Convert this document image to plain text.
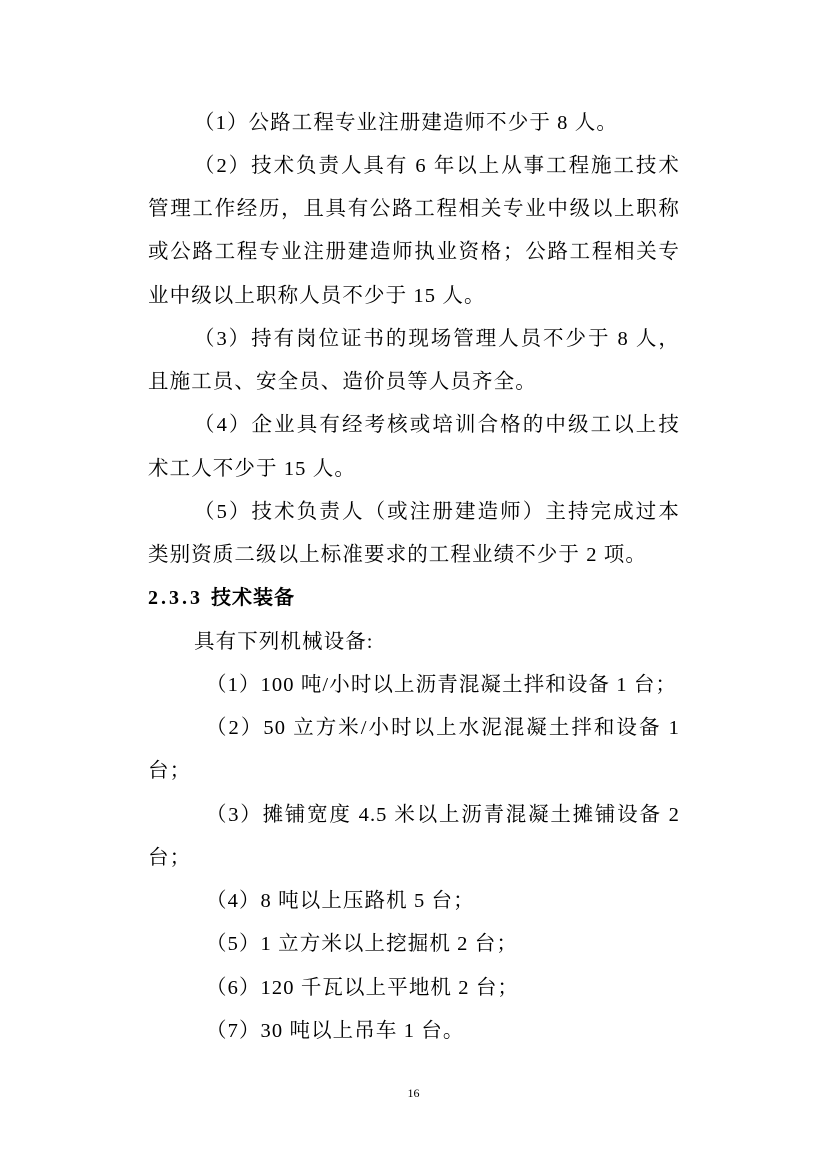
（1）公路工程专业注册建造师不少于 8 人。
（2）技术负责人具有 6 年以上从事工程施工技术
管理工作经历，且具有公路工程相关专业中级以上职称
或公路工程专业注册建造师执业资格；公路工程相关专
业中级以上职称人员不少于 15 人。
（3）持有岗位证书的现场管理人员不少于 8 人，
且施工员、安全员、造价员等人员齐全。
（4）企业具有经考核或培训合格的中级工以上技
术工人不少于 15 人。
（5）技术负责人（或注册建造师）主持完成过本
类别资质二级以上标准要求的工程业绩不少于 2 项。
2.3.3 技术装备
具有下列机械设备:
（1）100 吨/小时以上沥青混凝土拌和设备 1 台；
（2）50 立方米/小时以上水泥混凝土拌和设备 1
台；
（3）摊铺宽度 4.5 米以上沥青混凝土摊铺设备 2
台；
（4）8 吨以上压路机 5 台；
（5）1 立方米以上挖掘机 2 台；
（6）120 千瓦以上平地机 2 台；
（7）30 吨以上吊车 1 台。
16
